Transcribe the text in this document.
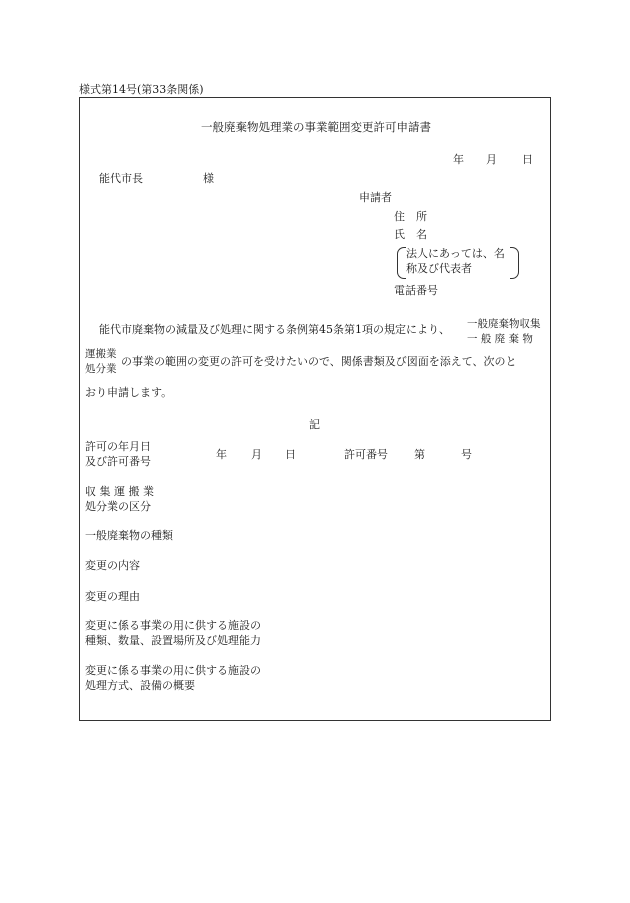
様式第14号(第33条関係)
一般廃棄物処理業の事業範囲変更許可申請書
年 月 日
能代市長	様
申請者
住　所
氏　名
法人にあっては、名
称及び代表者
電話番号
能代市廃棄物の減量及び処理に関する条例第45条第1項の規定により、 一般廃棄物収集
一 般 廃 棄 物
運搬業
処分業
の事業の範囲の変更の許可を受けたいので、関係書類及び図面を添えて、次のと
おり申請します。
記
許可の年月日
及び許可番号
年 月 日	許可番号 第	号
収 集 運 搬 業
処分業の区分
一般廃棄物の種類
変更の内容
変更の理由
変更に係る事業の用に供する施設の
種類、数量、設置場所及び処理能力
変更に係る事業の用に供する施設の
処理方式、設備の概要
